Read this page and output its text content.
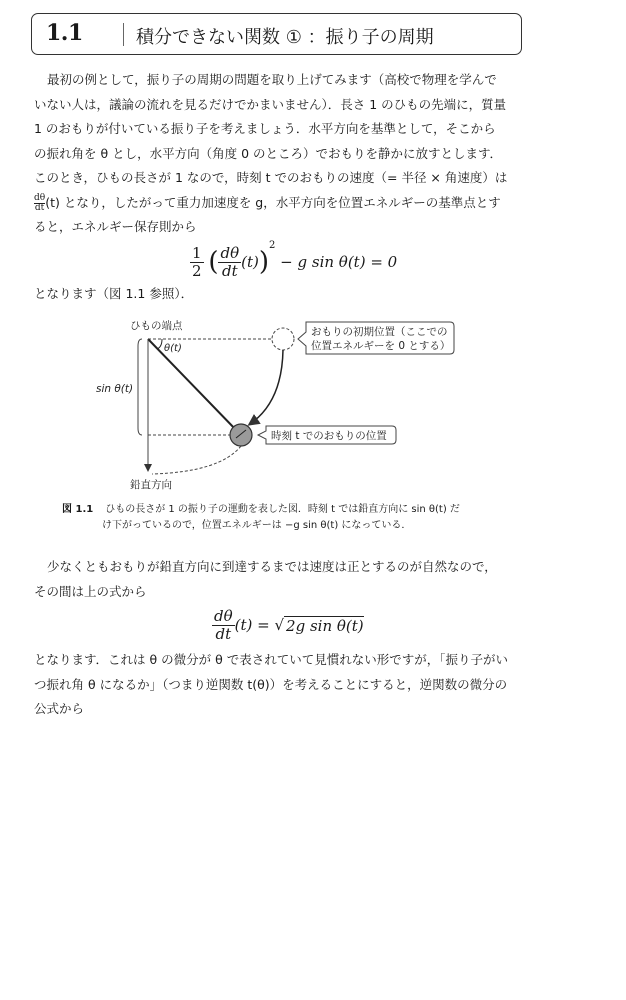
1.1	積分できない関数 ① ：振り子の周期
最初の例として，振り子の周期の問題を取り上げてみます（高校で物理を学んで
いない人は，議論の流れを見るだけでかまいません）．長さ 1 のひもの先端に，質量
1 のおもりが付いている振り子を考えましょう．水平方向を基準として，そこから
の振れ角を θ とし，水平方向（角度 0 のところ）でおもりを静かに放すとします．
このとき，ひもの長さが 1 なので，時刻 t でのおもりの速度（= 半径 × 角速度）は
$\frac{d\theta}{dt}(t)$ となり，したがって重力加速度を g，水平方向を位置エネルギーの基準点とす
ると，エネルギー保存則から
$\frac{1}{2}$ ( $\frac{d\theta}{dt} (t))^2 - g$ sin θ(t) = 0
となります（図 1.1 参照）．
ひもの端点
θ(t)
sin θ(t)
鉛直方向
おもりの初期位置（ここでの
位置エネルギーを 0 とする）
時刻 t でのおもりの位置
図 1.1 ひもの長さが 1 の振り子の運動を表した図．時刻 t では鉛直方向に sin θ(t) だ
け下がっているので，位置エネルギーは −g sin θ(t) になっている．
少なくともおもりが鉛直方向に到達するまでは速度は正とするのが自然なので，
その間は上の式から
$\frac{d\theta}{dt} (t)$ = √ 2g sin θ(t)
となります．これは θ の微分が θ で表されていて見慣れない形ですが，「振り子がい
つ振れ角 θ になるか」（つまり逆関数 t(θ)）を考えることにすると，逆関数の微分の
公式から
